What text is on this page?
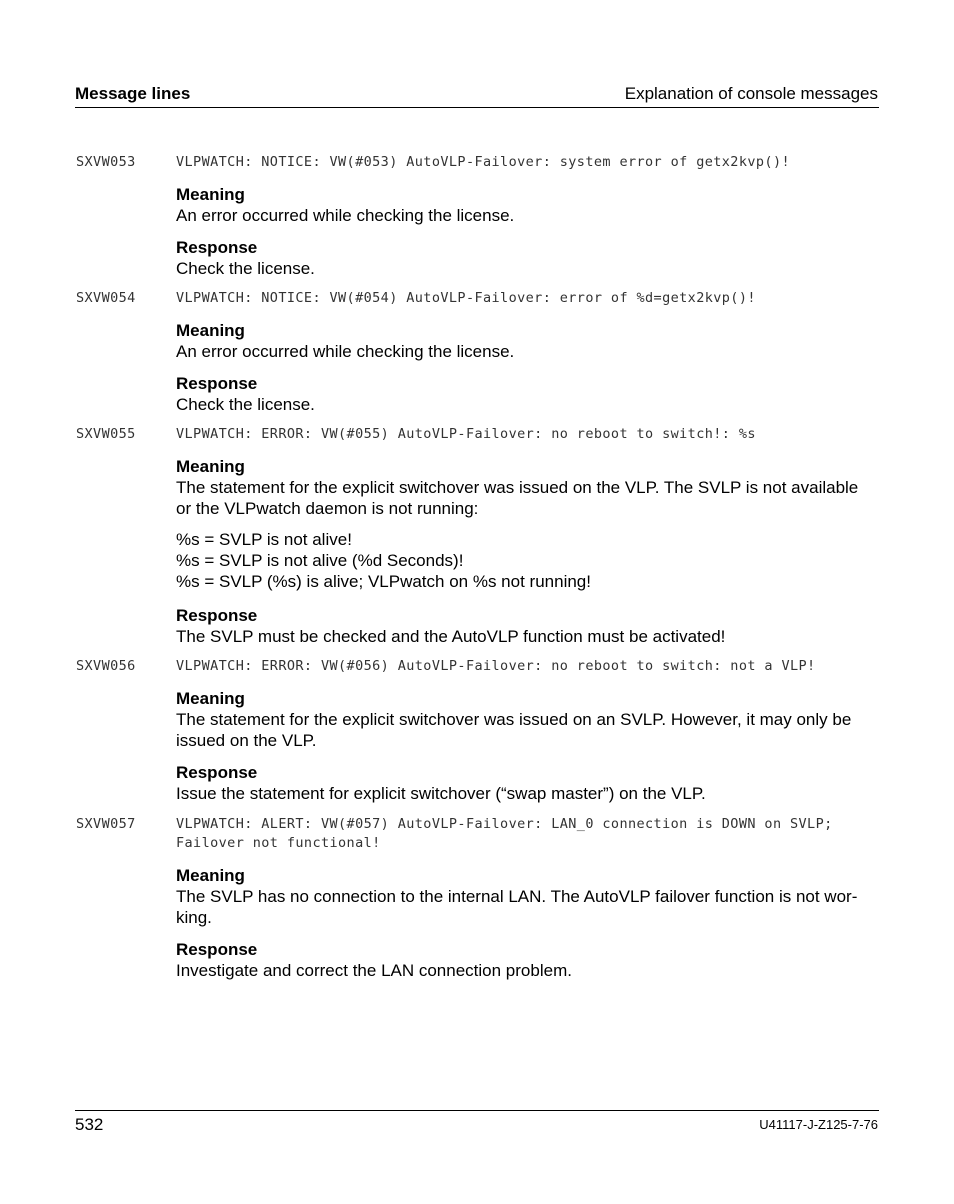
Message lines	Explanation of console messages
SXVW053	VLPWATCH: NOTICE: VW(#053) AutoVLP-Failover: system error of getx2kvp()!
Meaning
An error occurred while checking the license.
Response
Check the license.
SXVW054	VLPWATCH: NOTICE: VW(#054) AutoVLP-Failover: error of %d=getx2kvp()!
Meaning
An error occurred while checking the license.
Response
Check the license.
SXVW055	VLPWATCH: ERROR: VW(#055) AutoVLP-Failover: no reboot to switch!: %s
Meaning
The statement for the explicit switchover was issued on the VLP. The SVLP is not available
or the VLPwatch daemon is not running:
%s = SVLP is not alive!
%s = SVLP is not alive (%d Seconds)!
%s = SVLP (%s) is alive; VLPwatch on %s not running!
Response
The SVLP must be checked and the AutoVLP function must be activated!
SXVW056	VLPWATCH: ERROR: VW(#056) AutoVLP-Failover: no reboot to switch: not a VLP!
Meaning
The statement for the explicit switchover was issued on an SVLP. However, it may only be
issued on the VLP.
Response
Issue the statement for explicit switchover (“swap master”) on the VLP.
SXVW057	VLPWATCH: ALERT: VW(#057) AutoVLP-Failover: LAN_0 connection is DOWN on SVLP;
Failover not functional!
Meaning
The SVLP has no connection to the internal LAN. The AutoVLP failover function is not wor-
king.
Response
Investigate and correct the LAN connection problem.
532	U41117-J-Z125-7-76
